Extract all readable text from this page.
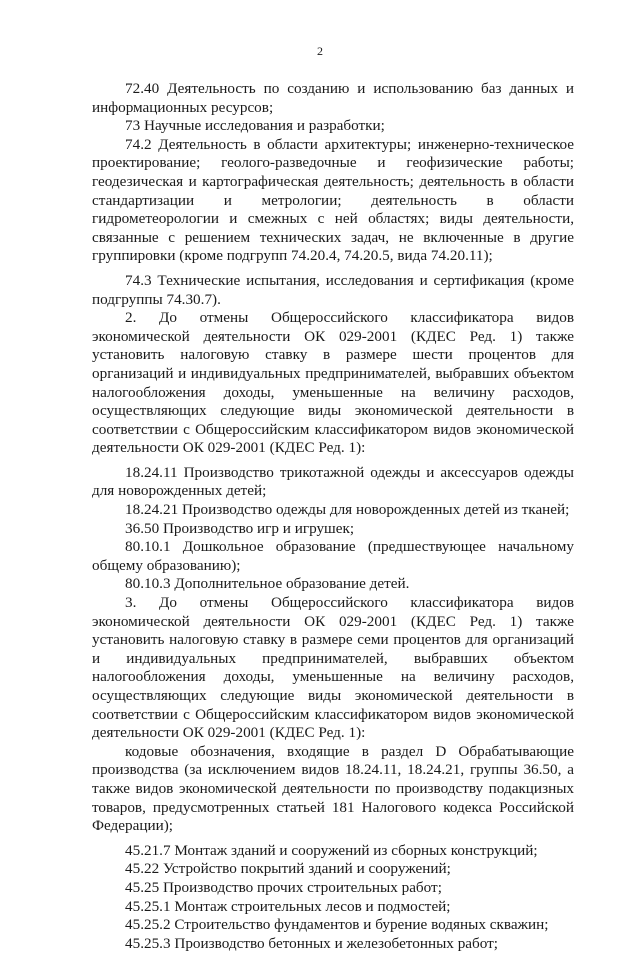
2

72.40 Деятельность по созданию и использованию баз данных и информационных ресурсов;

73 Научные исследования и разработки;

74.2 Деятельность в области архитектуры; инженерно-техническое проектирование; геолого-разведочные и геофизические работы; геодезическая и картографическая деятельность; деятельность в области стандартизации и метрологии; деятельность в области гидрометеорологии и смежных с ней областях; виды деятельности, связанные с решением технических задач, не включенные в другие группировки (кроме подгрупп 74.20.4, 74.20.5, вида 74.20.11);

74.3 Технические испытания, исследования и сертификация (кроме подгруппы 74.30.7).

2. До отмены Общероссийского классификатора видов экономической деятельности ОК 029-2001 (КДЕС Ред. 1) также установить налоговую ставку в размере шести процентов для организаций и индивидуальных предпринимателей, выбравших объектом налогообложения доходы, уменьшенные на величину расходов, осуществляющих следующие виды экономической деятельности в соответствии с Общероссийским классификатором видов экономической деятельности ОК 029-2001 (КДЕС Ред. 1):

18.24.11 Производство трикотажной одежды и аксессуаров одежды для новорожденных детей;

18.24.21 Производство одежды для новорожденных детей из тканей;

36.50 Производство игр и игрушек;

80.10.1 Дошкольное образование (предшествующее начальному общему образованию);

80.10.3 Дополнительное образование детей.

3. До отмены Общероссийского классификатора видов экономической деятельности ОК 029-2001 (КДЕС Ред. 1) также установить налоговую ставку в размере семи процентов для организаций и индивидуальных предпринимателей, выбравших объектом налогообложения доходы, уменьшенные на величину расходов, осуществляющих следующие виды экономической деятельности в соответствии с Общероссийским классификатором видов экономической деятельности ОК 029-2001 (КДЕС Ред. 1):

кодовые обозначения, входящие в раздел D Обрабатывающие производства (за исключением видов 18.24.11, 18.24.21, группы 36.50, а также видов экономической деятельности по производству подакцизных товаров, предусмотренных статьей 181 Налогового кодекса Российской Федерации);

45.21.7 Монтаж зданий и сооружений из сборных конструкций;

45.22 Устройство покрытий зданий и сооружений;

45.25 Производство прочих строительных работ;

45.25.1 Монтаж строительных лесов и подмостей;

45.25.2 Строительство фундаментов и бурение водяных скважин;

45.25.3 Производство бетонных и железобетонных работ;
